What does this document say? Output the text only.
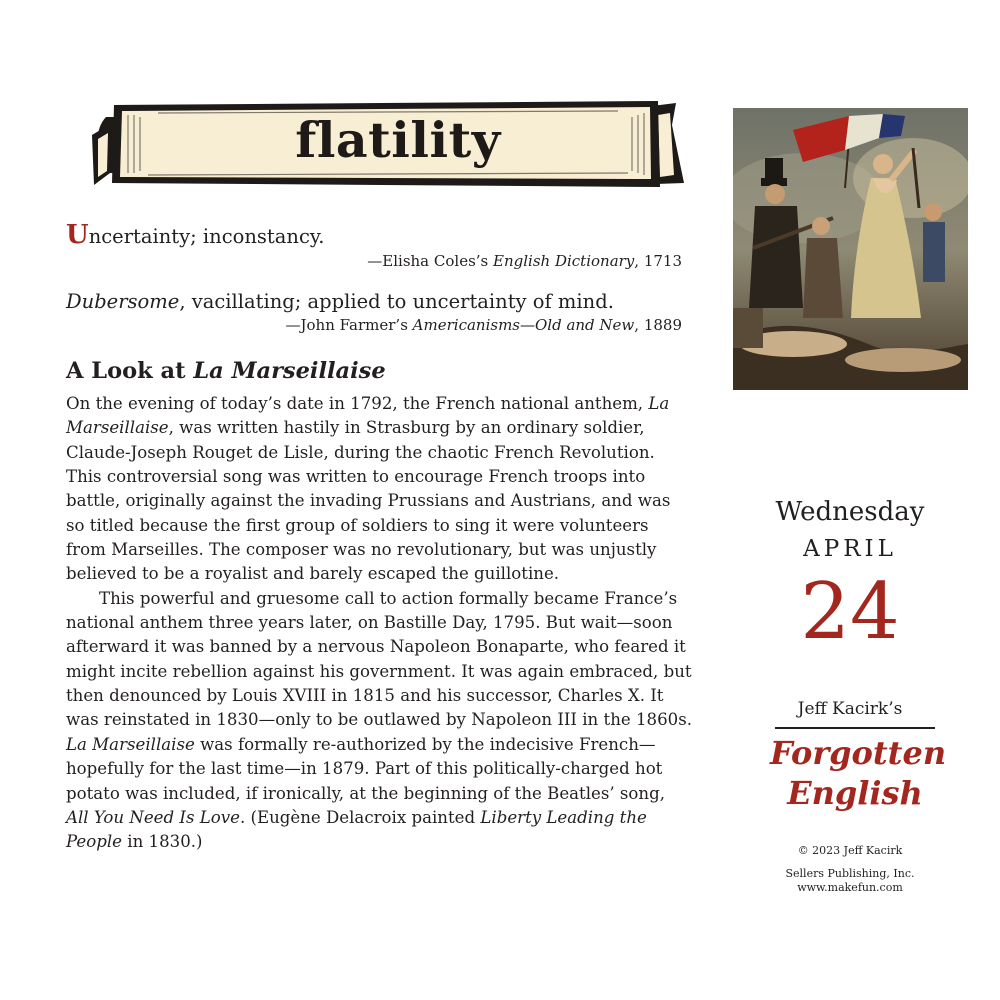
flatility
Uncertainty; inconstancy.
—Elisha Coles’s English Dictionary, 1713
Dubersome, vacillating; applied to uncertainty of mind.
—John Farmer’s Americanisms—Old and New, 1889
A Look at La Marseillaise

On the evening of today’s date in 1792, the French national anthem, La Marseillaise, was written hastily in Strasburg by an ordinary soldier, Claude-Joseph Rouget de Lisle, during the chaotic French Revolution. This controversial song was written to encourage French troops into battle, originally against the invading Prussians and Austrians, and was so titled because the first group of soldiers to sing it were volunteers from Marseilles. The composer was no revolutionary, but was unjustly believed to be a royalist and barely escaped the guillotine.

This powerful and gruesome call to action formally became France’s national anthem three years later, on Bastille Day, 1795. But wait—soon afterward it was banned by a nervous Napoleon Bonaparte, who feared it might incite rebellion against his government. It was again embraced, but then denounced by Louis XVIII in 1815 and his successor, Charles X. It was reinstated in 1830—only to be outlawed by Napoleon III in the 1860s. La Marseillaise was formally re-authorized by the indecisive French—hopefully for the last time—in 1879. Part of this politically-charged hot potato was included, if ironically, at the beginning of the Beatles’ song, All You Need Is Love. (Eugène Delacroix painted Liberty Leading the People in 1830.)

Wednesday
APRIL
24
Jeff Kacirk’s
Forgotten
English
© 2023 Jeff Kacirk
Sellers Publishing, Inc.
www.makefun.com
